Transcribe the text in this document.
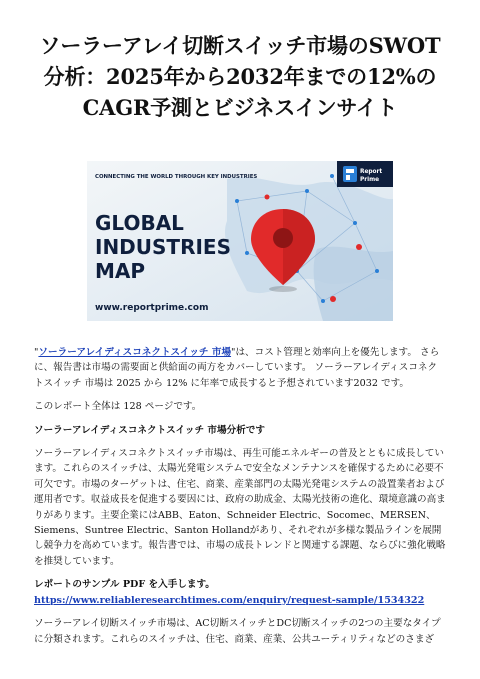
ソーラーアレイ切断スイッチ市場のSWOT分析：2025年から2032年までの12%のCAGR予測とビジネスインサイト
CONNECTING THE WORLD THROUGH KEY INDUSTRIES
GLOBAL
INDUSTRIES
MAP
www.reportprime.com
Report
Prime

"ソーラーアレイディスコネクトスイッチ 市場"は、コスト管理と効率向上を優先します。 さらに、報告書は市場の需要面と供給面の両方をカバーしています。 ソーラーアレイディスコネクトスイッチ 市場は 2025 から 12% に年率で成長すると予想されています2032 です。

このレポート全体は 128 ページです。

ソーラーアレイディスコネクトスイッチ 市場分析です

ソーラーアレイディスコネクトスイッチ市場は、再生可能エネルギーの普及とともに成長しています。これらのスイッチは、太陽光発電システムで安全なメンテナンスを確保するために必要不可欠です。市場のターゲットは、住宅、商業、産業部門の太陽光発電システムの設置業者および運用者です。収益成長を促進する要因には、政府の助成金、太陽光技術の進化、環境意識の高まりがあります。主要企業にはABB、Eaton、Schneider Electric、Socomec、MERSEN、Siemens、Suntree Electric、Santon Hollandがあり、それぞれが多様な製品ラインを展開し競争力を高めています。報告書では、市場の成長トレンドと関連する課題、ならびに強化戦略を推奨しています。

レポートのサンプル PDF を入手します。 https://www.reliableresearchtimes.com/enquiry/request-sample/1534322

ソーラーアレイ切断スイッチ市場は、AC切断スイッチとDC切断スイッチの2つの主要なタイプに分類されます。これらのスイッチは、住宅、商業、産業、公共ユーティリティなどのさまざ
